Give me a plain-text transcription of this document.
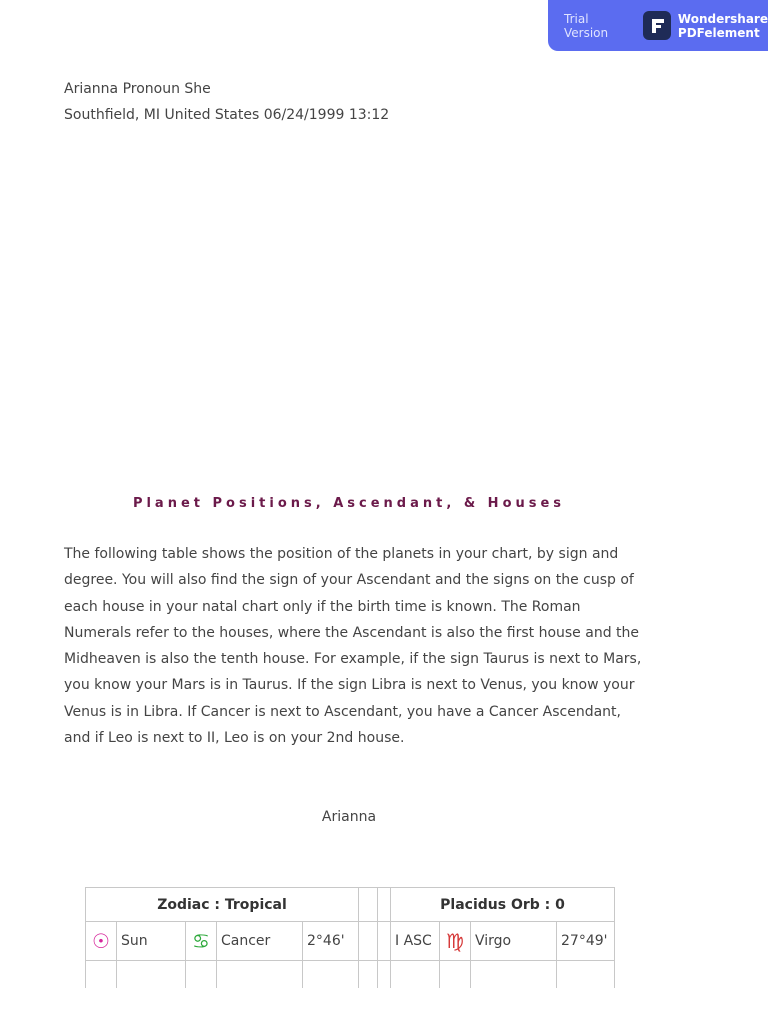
Trial Version
Wondershare
PDFelement
Arianna Pronoun She
Southfield, MI United States 06/24/1999 13:12
Planet Positions, Ascendant, & Houses
The following table shows the position of the planets in your chart, by sign and degree. You will also find the sign of your Ascendant and the signs on the cusp of each house in your natal chart only if the birth time is known. The Roman Numerals refer to the houses, where the Ascendant is also the first house and the Midheaven is also the tenth house. For example, if the sign Taurus is next to Mars, you know your Mars is in Taurus. If the sign Libra is next to Venus, you know your Venus is in Libra. If Cancer is next to Ascendant, you have a Cancer Ascendant, and if Leo is next to II, Leo is on your 2nd house.
Arianna
Zodiac : Tropical							Placidus Orb : 0			
☉	Sun	♋	Cancer	2°46'			I ASC	♍	Virgo	27°49'
